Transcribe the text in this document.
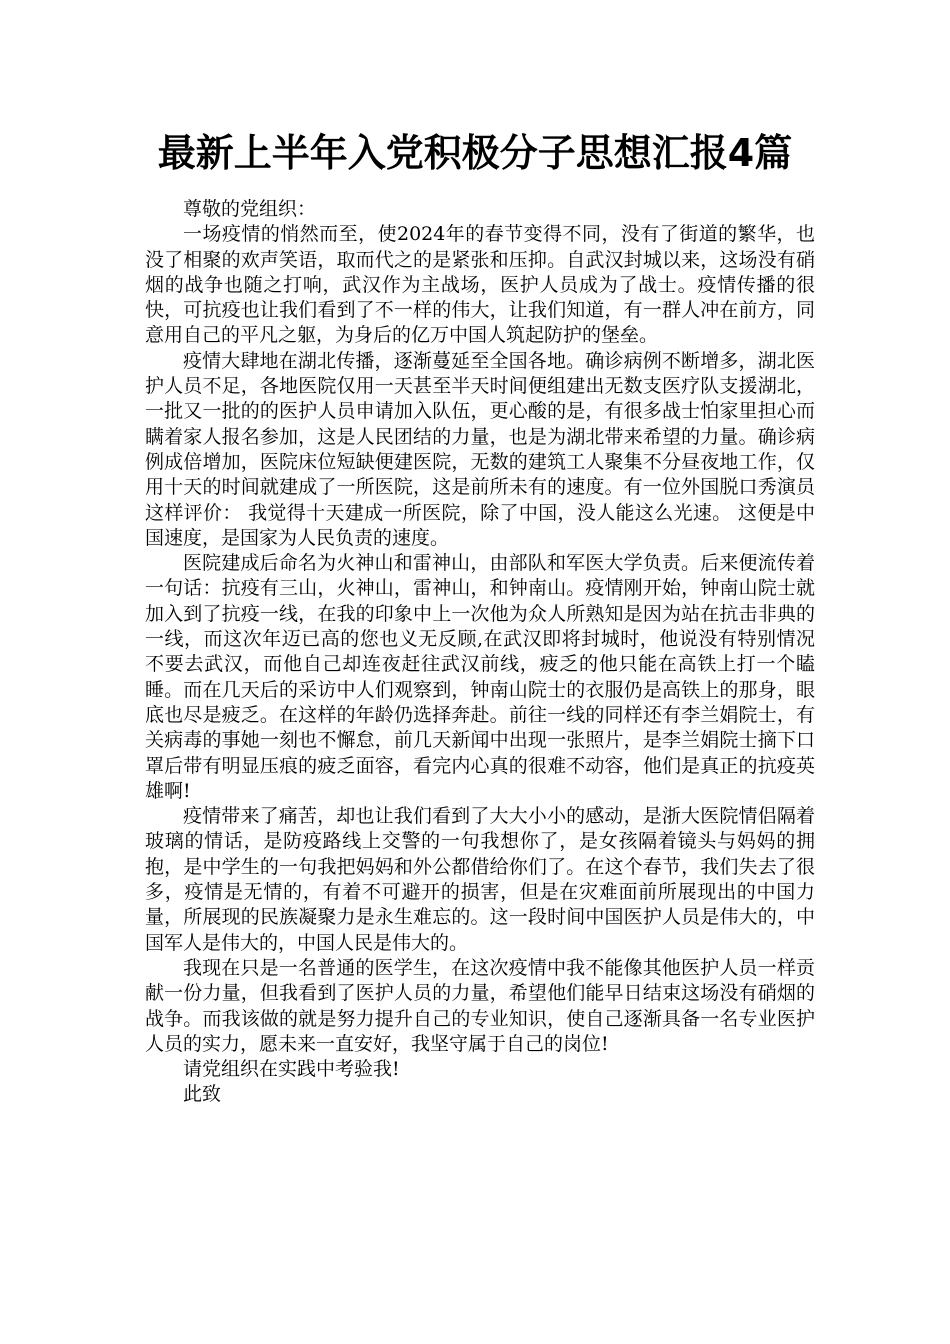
最新上半年入党积极分子思想汇报4篇

尊敬的党组织：

一场疫情的悄然而至，使2024年的春节变得不同，没有了街道的繁华，也没了相聚的欢声笑语，取而代之的是紧张和压抑。自武汉封城以来，这场没有硝烟的战争也随之打响，武汉作为主战场，医护人员成为了战士。疫情传播的很快，可抗疫也让我们看到了不一样的伟大，让我们知道，有一群人冲在前方，同意用自己的平凡之躯，为身后的亿万中国人筑起防护的堡垒。

疫情大肆地在湖北传播，逐渐蔓延至全国各地。确诊病例不断增多，湖北医护人员不足，各地医院仅用一天甚至半天时间便组建出无数支医疗队支援湖北，一批又一批的的医护人员申请加入队伍，更心酸的是，有很多战士怕家里担心而瞒着家人报名参加，这是人民团结的力量，也是为湖北带来希望的力量。确诊病例成倍增加，医院床位短缺便建医院，无数的建筑工人聚集不分昼夜地工作，仅用十天的时间就建成了一所医院，这是前所未有的速度。有一位外国脱口秀演员这样评价： 我觉得十天建成一所医院，除了中国，没人能这么光速。 这便是中国速度，是国家为人民负责的速度。

医院建成后命名为火神山和雷神山，由部队和军医大学负责。后来便流传着一句话：抗疫有三山，火神山，雷神山，和钟南山。疫情刚开始，钟南山院士就加入到了抗疫一线，在我的印象中上一次他为众人所熟知是因为站在抗击非典的一线，而这次年迈已高的您也义无反顾,在武汉即将封城时，他说没有特别情况不要去武汉，而他自己却连夜赶往武汉前线，疲乏的他只能在高铁上打一个瞌睡。而在几天后的采访中人们观察到，钟南山院士的衣服仍是高铁上的那身，眼底也尽是疲乏。在这样的年龄仍选择奔赴。前往一线的同样还有李兰娟院士，有关病毒的事她一刻也不懈怠，前几天新闻中出现一张照片，是李兰娟院士摘下口罩后带有明显压痕的疲乏面容，看完内心真的很难不动容，他们是真正的抗疫英雄啊!

疫情带来了痛苦，却也让我们看到了大大小小的感动，是浙大医院情侣隔着玻璃的情话，是防疫路线上交警的一句我想你了，是女孩隔着镜头与妈妈的拥抱，是中学生的一句我把妈妈和外公都借给你们了。在这个春节，我们失去了很多，疫情是无情的，有着不可避开的损害，但是在灾难面前所展现出的中国力量，所展现的民族凝聚力是永生难忘的。这一段时间中国医护人员是伟大的，中国军人是伟大的，中国人民是伟大的。

我现在只是一名普通的医学生，在这次疫情中我不能像其他医护人员一样贡献一份力量，但我看到了医护人员的力量，希望他们能早日结束这场没有硝烟的战争。而我该做的就是努力提升自己的专业知识，使自己逐渐具备一名专业医护人员的实力，愿未来一直安好，我坚守属于自己的岗位!

请党组织在实践中考验我!

此致
